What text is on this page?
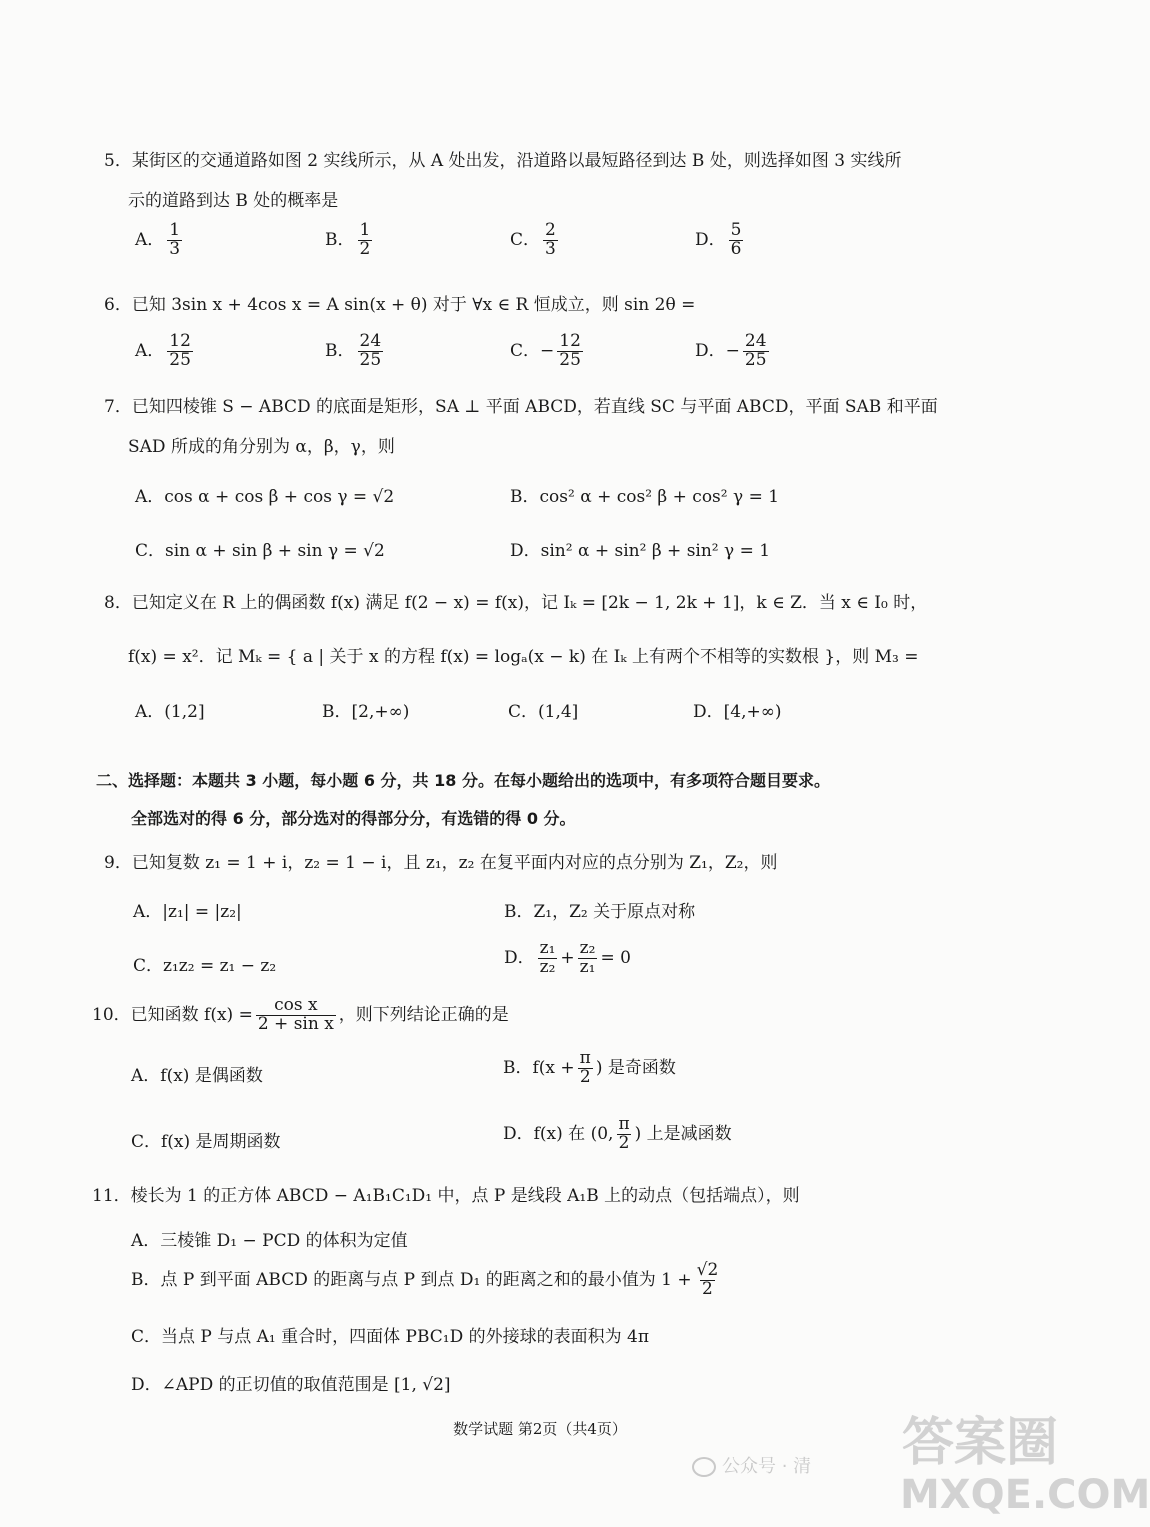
5．某街区的交通道路如图 2 实线所示，从 A 处出发，沿道路以最短路径到达 B 处，则选择如图 3 实线所
示的道路到达 B 处的概率是
A． $\frac{1}{3}$	B． $\frac{1}{2}$	C． $\frac{2}{3}$	D． $\frac{5}{6}$
6．已知 3sin x + 4cos x = A sin(x + θ) 对于 ∀x ∈ R 恒成立，则 sin 2θ =
A． $\frac{12}{25}$	B． $\frac{24}{25}$	C．− $\frac{12}{25}$	D．− $\frac{24}{25}$
7．已知四棱锥 S − ABCD 的底面是矩形，SA ⊥ 平面 ABCD，若直线 SC 与平面 ABCD，平面 SAB 和平面
SAD 所成的角分别为 α，β，γ，则
A．cos α + cos β + cos γ = √2	B．cos² α + cos² β + cos² γ = 1
C．sin α + sin β + sin γ = √2	D．sin² α + sin² β + sin² γ = 1
8．已知定义在 R 上的偶函数 f(x) 满足 f(2 − x) = f(x)，记 Iₖ = [2k − 1, 2k + 1]，k ∈ Z．当 x ∈ I₀ 时，
f(x) = x²．记 Mₖ = { a | 关于 x 的方程 f(x) = logₐ(x − k) 在 Iₖ 上有两个不相等的实数根 }，则 M₃ =
A．(1,2]	B．[2,+∞)	C．(1,4]	D．[4,+∞)
二、选择题：本题共 3 小题，每小题 6 分，共 18 分。在每小题给出的选项中，有多项符合题目要求。
全部选对的得 6 分，部分选对的得部分分，有选错的得 0 分。
9．已知复数 z₁ = 1 + i，z₂ = 1 − i，且 z₁，z₂ 在复平面内对应的点分别为 Z₁，Z₂，则
A．|z₁| = |z₂|	B．Z₁，Z₂ 关于原点对称
C．z₁z₂ = z₁ − z₂	D． $\frac{\text{z₁}}{\text{z₂}} + \frac{\text{z₂}}{\text{z₁}} = 0$
10．已知函数 $f(x) = \frac{\text{cos x}}{\text{2 + sin x}}$ ，则下列结论正确的是
A．f(x) 是偶函数	B．$f(x + \frac{\pi}{2}$ ) 是奇函数
C．f(x) 是周期函数	D．f(x) 在 (0, $\frac{\pi}{2}$ ) 上是减函数
11．棱长为 1 的正方体 ABCD − A₁B₁C₁D₁ 中，点 P 是线段 A₁B 上的动点（包括端点），则
A．三棱锥 D₁ − PCD 的体积为定值
B．点 P 到平面 ABCD 的距离与点 P 到点 D₁ 的距离之和的最小值为 $1 + \frac{√2}{2}$
C．当点 P 与点 A₁ 重合时，四面体 PBC₁D 的外接球的表面积为 4π
D．∠APD 的正切值的取值范围是 [1, √2]
数学试题 第2页（共4页）
公众号 · 清 答案圈
MXQE.COM
